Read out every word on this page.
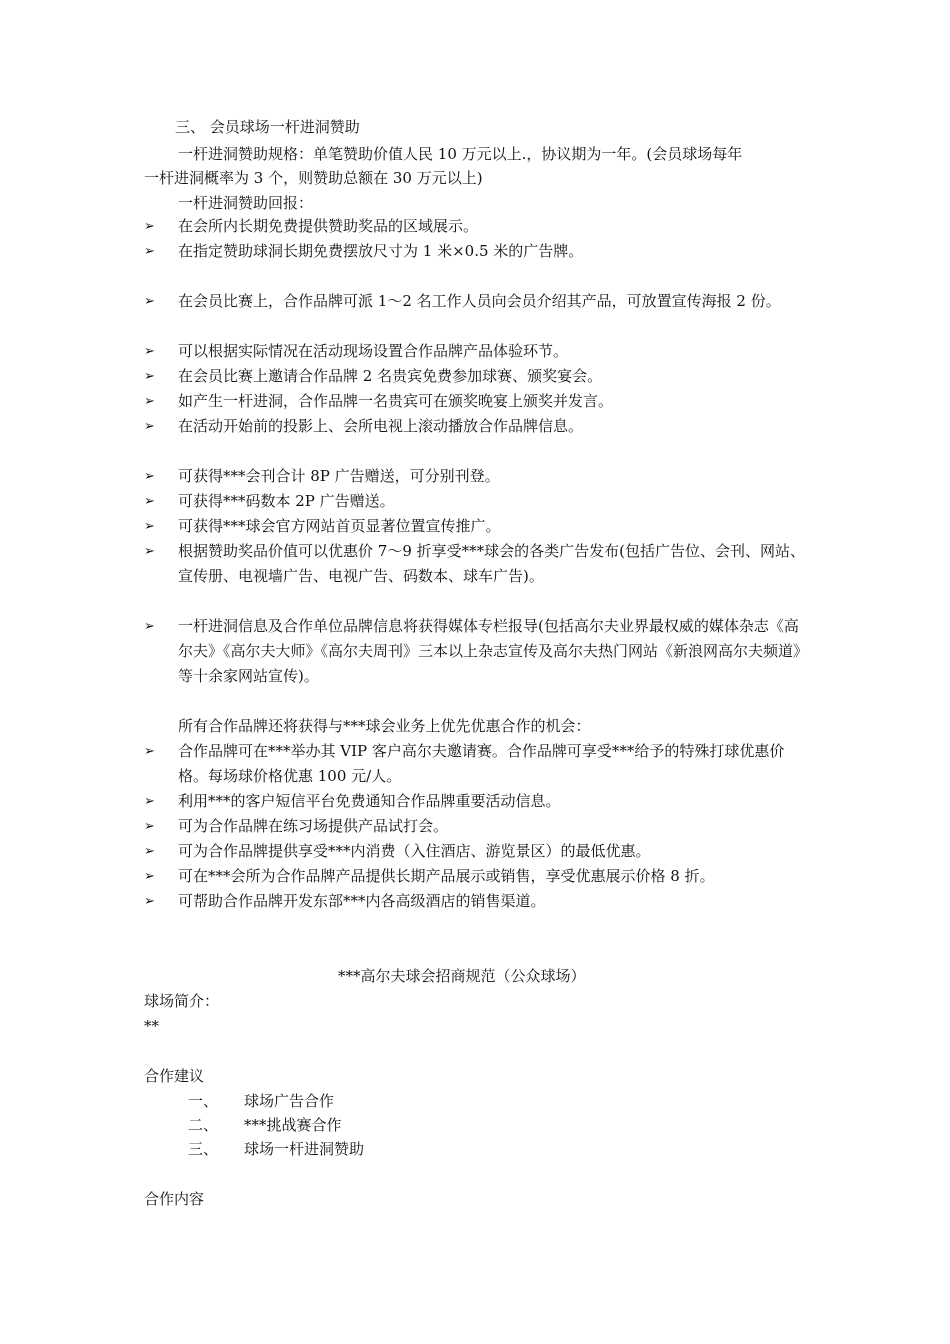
三、 会员球场一杆进洞赞助
一杆进洞赞助规格：单笔赞助价值人民 10 万元以上.，协议期为一年。(会员球场每年
一杆进洞概率为 3 个，则赞助总额在 30 万元以上)
一杆进洞赞助回报：
➢ 在会所内长期免费提供赞助奖品的区域展示。
➢ 在指定赞助球洞长期免费摆放尺寸为 1 米×0.5 米的广告牌。
➢ 在会员比赛上，合作品牌可派 1～2 名工作人员向会员介绍其产品，可放置宣传海报 2 份。
➢ 可以根据实际情况在活动现场设置合作品牌产品体验环节。
➢ 在会员比赛上邀请合作品牌 2 名贵宾免费参加球赛、颁奖宴会。
➢ 如产生一杆进洞，合作品牌一名贵宾可在颁奖晚宴上颁奖并发言。
➢ 在活动开始前的投影上、会所电视上滚动播放合作品牌信息。
➢ 可获得***会刊合计 8P 广告赠送，可分别刊登。
➢ 可获得***码数本 2P 广告赠送。
➢ 可获得***球会官方网站首页显著位置宣传推广。
➢ 根据赞助奖品价值可以优惠价 7～9 折享受***球会的各类广告发布(包括广告位、会刊、网站、宣传册、电视墙广告、电视广告、码数本、球车广告)。
➢ 一杆进洞信息及合作单位品牌信息将获得媒体专栏报导(包括高尔夫业界最权威的媒体杂志《高尔夫》《高尔夫大师》《高尔夫周刊》三本以上杂志宣传及高尔夫热门网站《新浪网高尔夫频道》等十余家网站宣传)。
所有合作品牌还将获得与***球会业务上优先优惠合作的机会：
➢ 合作品牌可在***举办其 VIP 客户高尔夫邀请赛。合作品牌可享受***给予的特殊打球优惠价格。每场球价格优惠 100 元/人。
➢ 利用***的客户短信平台免费通知合作品牌重要活动信息。
➢ 可为合作品牌在练习场提供产品试打会。
➢ 可为合作品牌提供享受***内消费（入住酒店、游览景区）的最低优惠。
➢ 可在***会所为合作品牌产品提供长期产品展示或销售，享受优惠展示价格 8 折。
➢ 可帮助合作品牌开发东部***内各高级酒店的销售渠道。
***高尔夫球会招商规范（公众球场）
球场简介：
**
合作建议
一、 球场广告合作
二、 ***挑战赛合作
三、 球场一杆进洞赞助
合作内容
